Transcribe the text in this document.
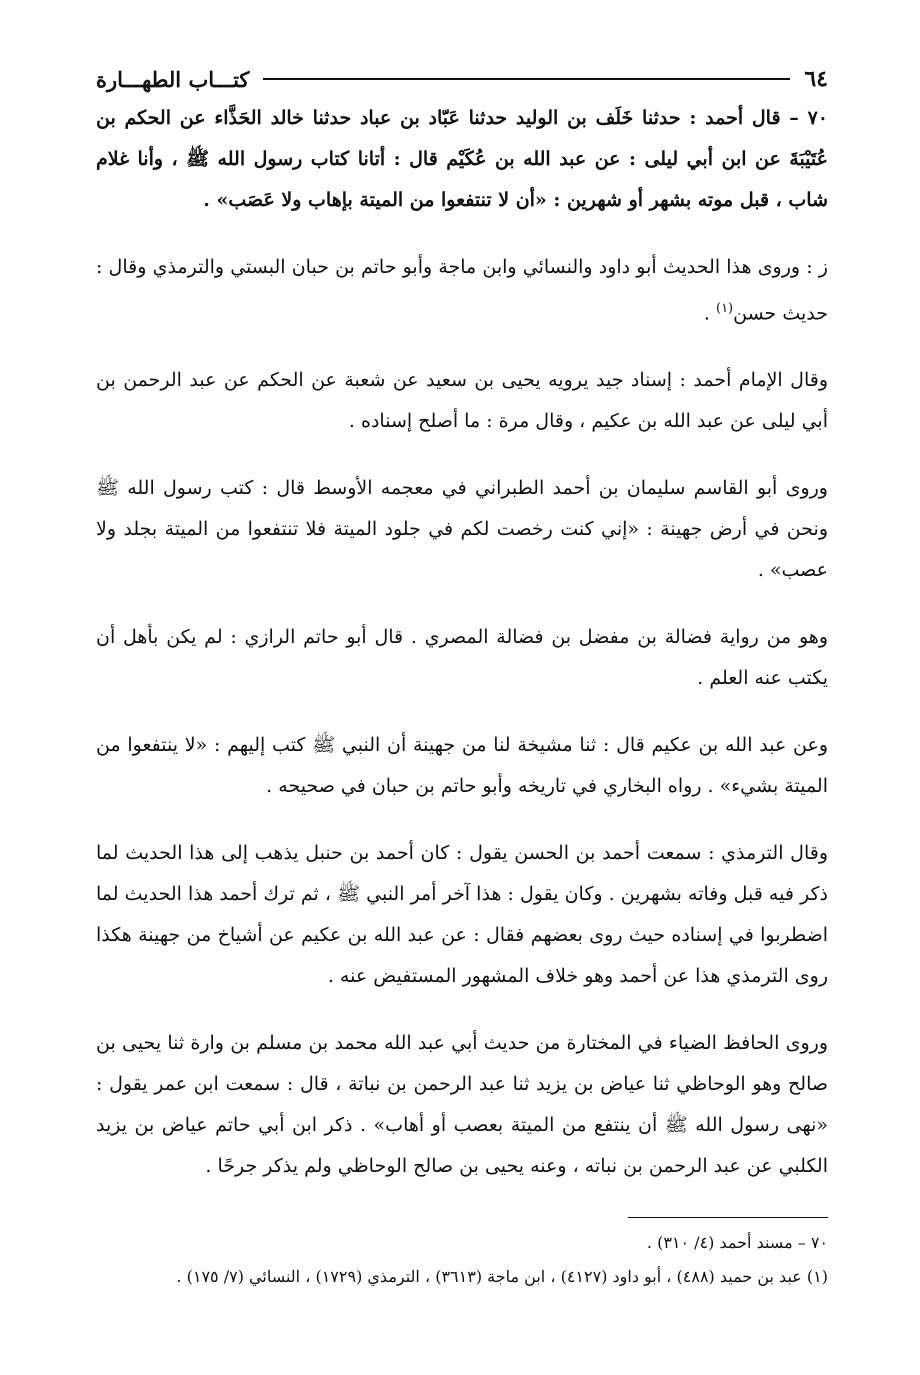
٦٤
كتـــاب الطهـــارة

٧٠ – قال أحمد : حدثنا خَلَف بن الوليد حدثنا عَبّاد بن عباد حدثنا خالد الحَذَّاء عن الحكم بن عُتَيْبَةَ عن ابن أبي ليلى : عن عبد الله بن عُكَيْم قال : أتانا كتاب رسول الله ﷺ ، وأنا غلام شاب ، قبل موته بشهر أو شهرين : «أن لا تنتفعوا من الميتة بإهاب ولا عَصَب» .

ز : وروى هذا الحديث أبو داود والنسائي وابن ماجة وأبو حاتم بن حبان البستي والترمذي وقال : حديث حسن$^{(١)}$ .

وقال الإمام أحمد : إسناد جيد يرويه يحيى بن سعيد عن شعبة عن الحكم عن عبد الرحمن بن أبي ليلى عن عبد الله بن عكيم ، وقال مرة : ما أصلح إسناده .

وروى أبو القاسم سليمان بن أحمد الطبراني في معجمه الأوسط قال : كتب رسول الله ﷺ ونحن في أرض جهينة : «إني كنت رخصت لكم في جلود الميتة فلا تنتفعوا من الميتة بجلد ولا عصب» .

وهو من رواية فضالة بن مفضل بن فضالة المصري . قال أبو حاتم الرازي : لم يكن بأهل أن يكتب عنه العلم .

وعن عبد الله بن عكيم قال : ثنا مشيخة لنا من جهينة أن النبي ﷺ كتب إليهم : «لا ينتفعوا من الميتة بشيء» . رواه البخاري في تاريخه وأبو حاتم بن حبان في صحيحه .

وقال الترمذي : سمعت أحمد بن الحسن يقول : كان أحمد بن حنبل يذهب إلى هذا الحديث لما ذكر فيه قبل وفاته بشهرين . وكان يقول : هذا آخر أمر النبي ﷺ ، ثم ترك أحمد هذا الحديث لما اضطربوا في إسناده حيث روى بعضهم فقال : عن عبد الله بن عكيم عن أشياخ من جهينة هكذا روى الترمذي هذا عن أحمد وهو خلاف المشهور المستفيض عنه .

وروى الحافظ الضياء في المختارة من حديث أبي عبد الله محمد بن مسلم بن وارة ثنا يحيى بن صالح وهو الوحاظي ثنا عياض بن يزيد ثنا عبد الرحمن بن نباتة ، قال : سمعت ابن عمر يقول : «نهى رسول الله ﷺ أن ينتفع من الميتة بعصب أو أهاب» . ذكر ابن أبي حاتم عياض بن يزيد الكلبي عن عبد الرحمن بن نباته ، وعنه يحيى بن صالح الوحاظي ولم يذكر جرحًا .

٧٠ – مسند أحمد (٤/ ٣١٠) .

(١) عبد بن حميد (٤٨٨) ، أبو داود (٤١٢٧) ، ابن ماجة (٣٦١٣) ، الترمذي (١٧٢٩) ، النسائي (٧/ ١٧٥) .
